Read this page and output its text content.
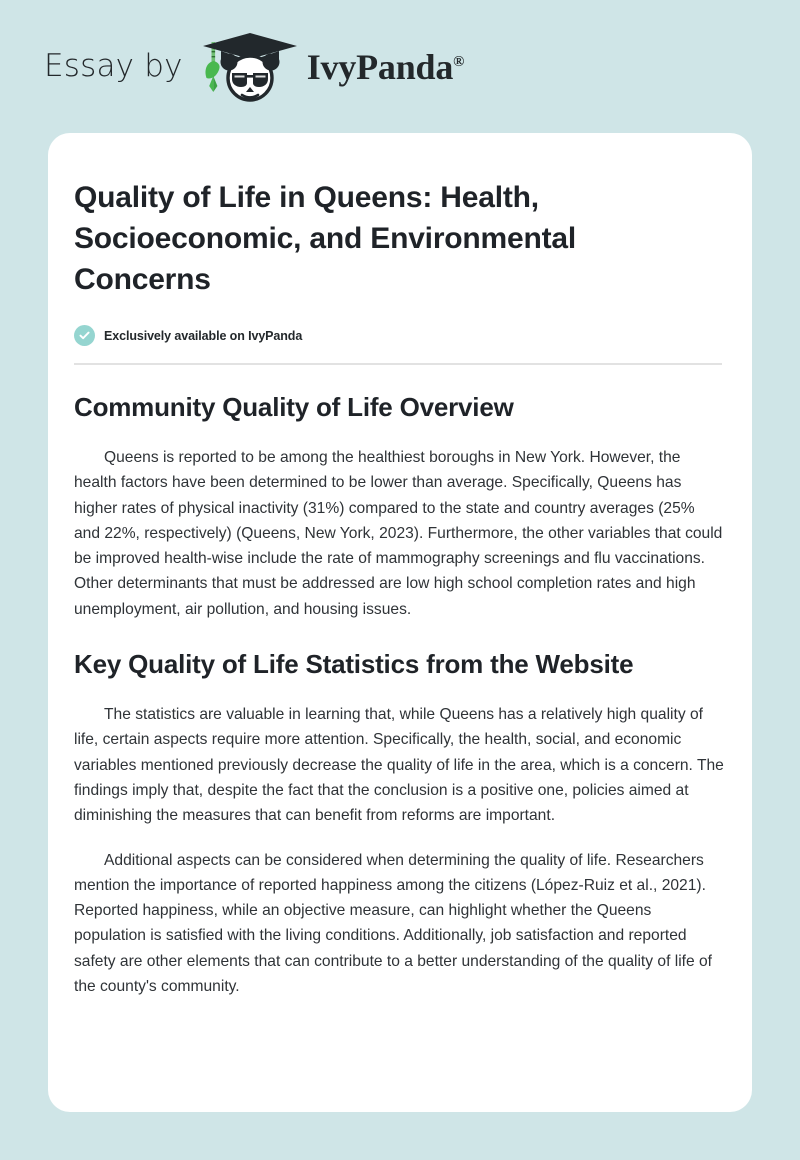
Essay by	IvyPanda®
Quality of Life in Queens: Health, Socioeconomic, and Environmental Concerns
Exclusively available on IvyPanda
Community Quality of Life Overview

Queens is reported to be among the healthiest boroughs in New York. However, the health factors have been determined to be lower than average. Specifically, Queens has higher rates of physical inactivity (31%) compared to the state and country averages (25% and 22%, respectively) (Queens, New York, 2023). Furthermore, the other variables that could be improved health-wise include the rate of mammography screenings and flu vaccinations. Other determinants that must be addressed are low high school completion rates and high unemployment, air pollution, and housing issues.

Key Quality of Life Statistics from the Website

The statistics are valuable in learning that, while Queens has a relatively high quality of life, certain aspects require more attention. Specifically, the health, social, and economic variables mentioned previously decrease the quality of life in the area, which is a concern. The findings imply that, despite the fact that the conclusion is a positive one, policies aimed at diminishing the measures that can benefit from reforms are important.

Additional aspects can be considered when determining the quality of life. Researchers mention the importance of reported happiness among the citizens (López-Ruiz et al., 2021). Reported happiness, while an objective measure, can highlight whether the Queens population is satisfied with the living conditions. Additionally, job satisfaction and reported safety are other elements that can contribute to a better understanding of the quality of life of the county's community.
